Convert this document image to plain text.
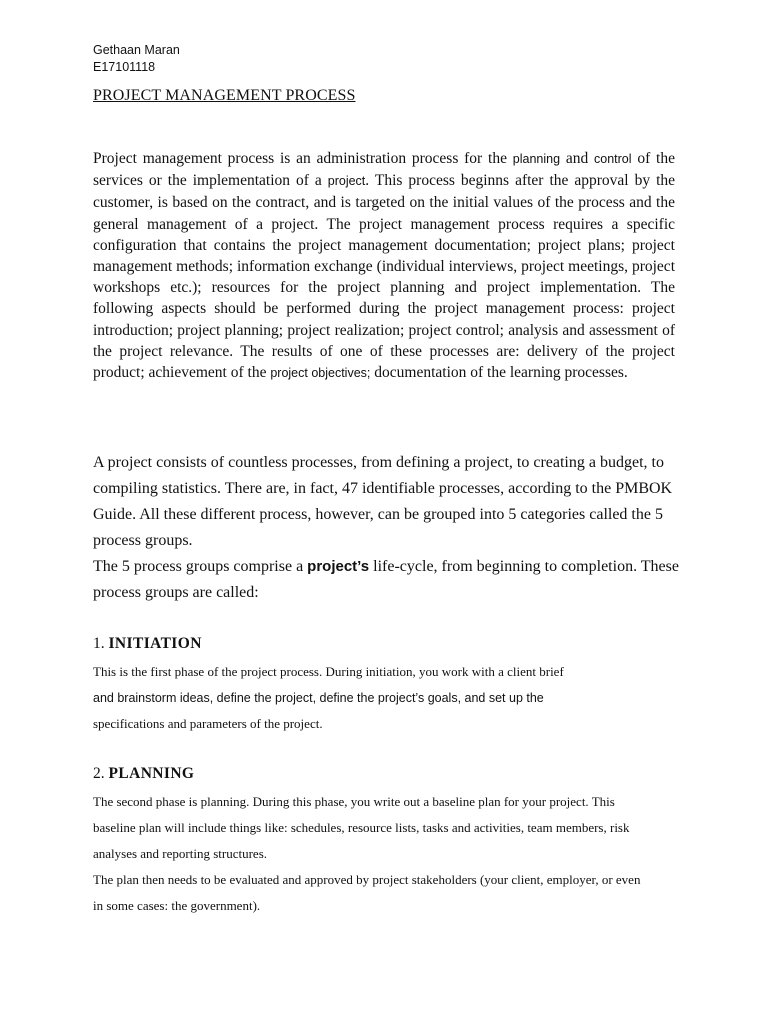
Gethaan Maran
E17101118
PROJECT MANAGEMENT PROCESS

Project management process is an administration process for the planning and control of the services or the implementation of a project. This process beginns after the approval by the customer, is based on the contract, and is targeted on the initial values of the process and the general management of a project. The project management process requires a specific configuration that contains the project management documentation; project plans; project management methods; information exchange (individual interviews, project meetings, project workshops etc.); resources for the project planning and project implementation. The following aspects should be performed during the project management process: project introduction; project planning; project realization; project control; analysis and assessment of the project relevance. The results of one of these processes are: delivery of the project product; achievement of the project objectives; documentation of the learning processes.

A project consists of countless processes, from defining a project, to creating a budget, to compiling statistics. There are, in fact, 47 identifiable processes, according to the PMBOK Guide. All these different process, however, can be grouped into 5 categories called the 5 process groups.

The 5 process groups comprise a project’s life-cycle, from beginning to completion. These process groups are called:

1. INITIATION
This is the first phase of the project process. During initiation, you work with a client brief
and brainstorm ideas, define the project, define the project’s goals, and set up the
specifications and parameters of the project.
2. PLANNING

The second phase is planning. During this phase, you write out a baseline plan for your project. This baseline plan will include things like: schedules, resource lists, tasks and activities, team members, risk analyses and reporting structures.

The plan then needs to be evaluated and approved by project stakeholders (your client, employer, or even in some cases: the government).
